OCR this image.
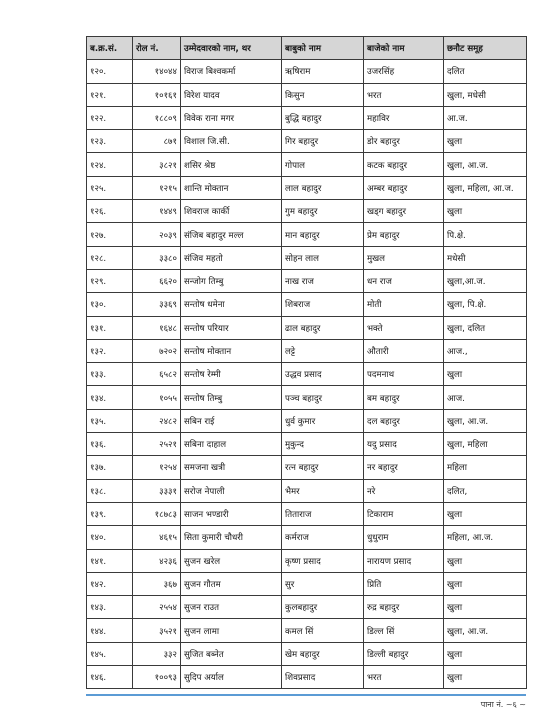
ब.क्र.सं.	रोल नं.	उम्मेदवारको नाम, थर	बाबुको नाम	बाजेको नाम	छनौट समूह
१२०.	१४०४४	विराज बिश्वकर्मा	ऋषिराम	उजरसिंह	दलित
१२१.	१०१६१	विरेश यादव	किसुन	भरत	खुला, मधेसी
१२२.	१८८०९	विवेक राना मगर	बुद्धि बहादुर	महाविर	आ.ज.
१२३.	८७१	विशाल जि.सी.	गिर बहादुर	डोर बहादुर	खुला
१२४.	३८२१	शसिर श्रेष्ठ	गोपाल	कटक बहादुर	खुला, आ.ज.
१२५.	१२१५	शान्ति मोक्तान	लाल बहादुर	अम्बर बहादुर	खुला, महिला, आ.ज.
१२६.	१४४९	शिवराज कार्की	गुम बहादुर	खड्ग बहादुर	खुला
१२७.	२०३९	संजिब बहादुर मल्ल	मान बहादुर	प्रेम बहादुर	पि.क्षे.
१२८.	३३८०	संजिव महतो	सोहन लाल	मुखल	मधेसी
१२९.	६६२०	सन्जोग तिम्बु	नाख राज	धन राज	खुला,आ.ज.
१३०.	३३६९	सन्तोष धमेना	शिबराज	मोती	खुला, पि.क्षे.
१३१.	१६४८	सन्तोष परियार	ढाल बहादुर	भक्ते	खुला, दलित
१३२.	७२०२	सन्तोष मोक्तान	लट्टे	औतारी	आज.,
१३३.	६५८२	सन्तोष रेम्मी	उद्धव प्रसाद	पदमनाथ	खुला
१३४.	१०५५	सन्तोष तिम्बु	पञ्च बहादुर	बम बहादुर	आज.
१३५.	२४८२	सबिन राई	धुर्व कुमार	दल बहादुर	खुला, आ.ज.
१३६.	२५२१	सबिना दाहाल	मुकुन्द	यदु प्रसाद	खुला, महिला
१३७.	१२५४	समजना खत्री	रत्न बहादुर	नर बहादुर	महिला
१३८.	३३३१	सरोज नेपाली	भैमर	नरे	दलित,
१३९.	१८७८३	साजन भण्डारी	तिताराज	टिकाराम	खुला
१४०.	४६१५	सिता कुमारी चौधरी	कर्मराज	धुधुराम	महिला, आ.ज.
१४१.	४२३६	सुजन खरेल	कृष्ण प्रसाद	नारायण प्रसाद	खुला
१४२.	३६७	सुजन गौतम	सुर	प्रिति	खुला
१४३.	२५५४	सुजन राउत	कुलबहादुर	रुद्र बहादुर	खुला
१४४.	३५२१	सुजन लामा	कमल सिं	डिल्ल सिं	खुला, आ.ज.
१४५.	३३२	सुजित बब्नेत	खेम बहादुर	डिल्ली बहादुर	खुला
१४६.	१००९३	सुदिप अर्याल	शिवप्रसाद	भरत	खुला
पाना नं. ~६ ~
